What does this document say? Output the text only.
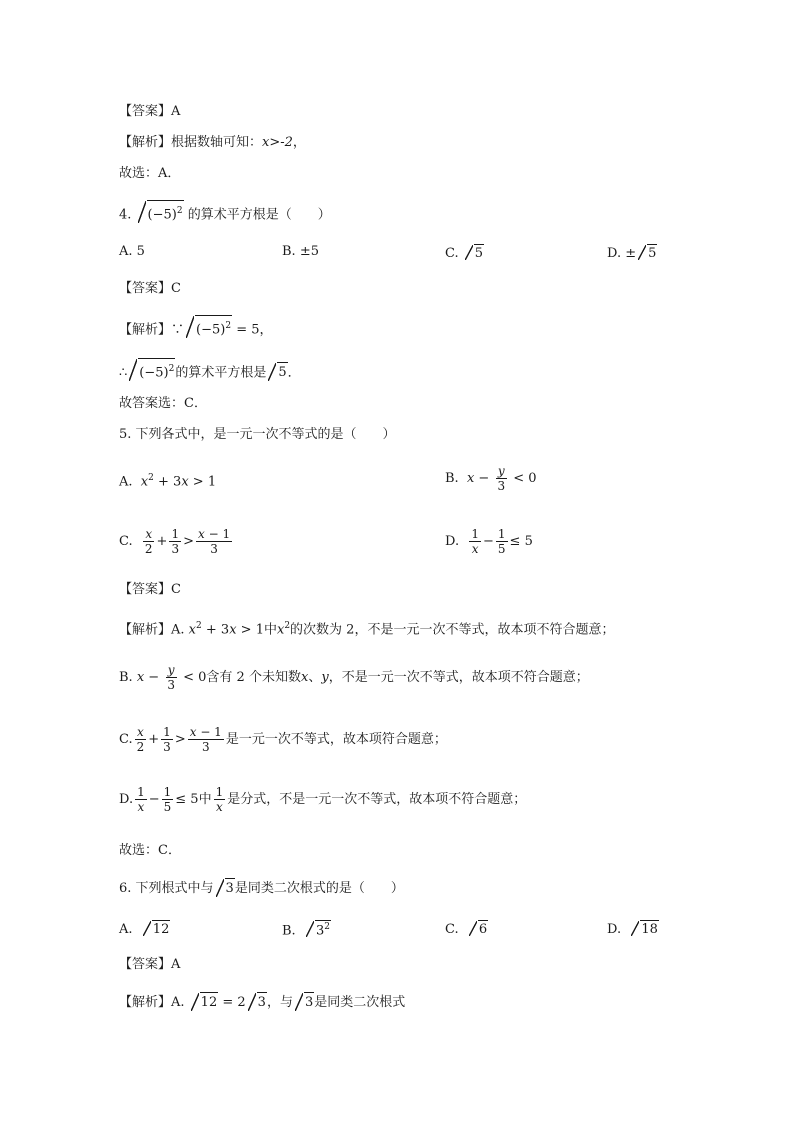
【答案】A
【解析】根据数轴可知：x>-2，
故选：A．
4. $(-5)^2$ 的算术平方根是（　　）
A. 5	B. ±5	C. 5	D. ± 5
【答案】C
【解析】∵ $(-5)^2 = 5$，
∴ $(-5)^2$的算术平方根是 5．
故答案选：C．
5. 下列各式中，是一元一次不等式的是（　　）
A. $x^2 + 3x > 1$	B. $x - \frac{y}{3} < 0$
C. $\frac{x}{2} + \frac{1}{3} > \frac{x - 1}{3}$	D. $\frac{1}{x} - \frac{1}{5} \le 5$
【答案】C
【解析】A. $x^2 + 3x > 1$中$x^2$的次数为 2，不是一元一次不等式，故本项不符合题意；
B. $x - \frac{y}{3} < 0$含有 2 个未知数x、y，不是一元一次不等式，故本项不符合题意；
C. $\frac{x}{2} + \frac{1}{3} > \frac{x - 1}{3}$ 是一元一次不等式，故本项符合题意；
D. $\frac{1}{x} - \frac{1}{5} \le 5$中 $\frac{1}{x}$ 是分式，不是一元一次不等式，故本项不符合题意；
故选：C．
6. 下列根式中与 3是同类二次根式的是（　　）
A. 12	B. $3^2$	C. 6	D. 18
【答案】A
【解析】A. 12 = 2 3，与 3是同类二次根式
